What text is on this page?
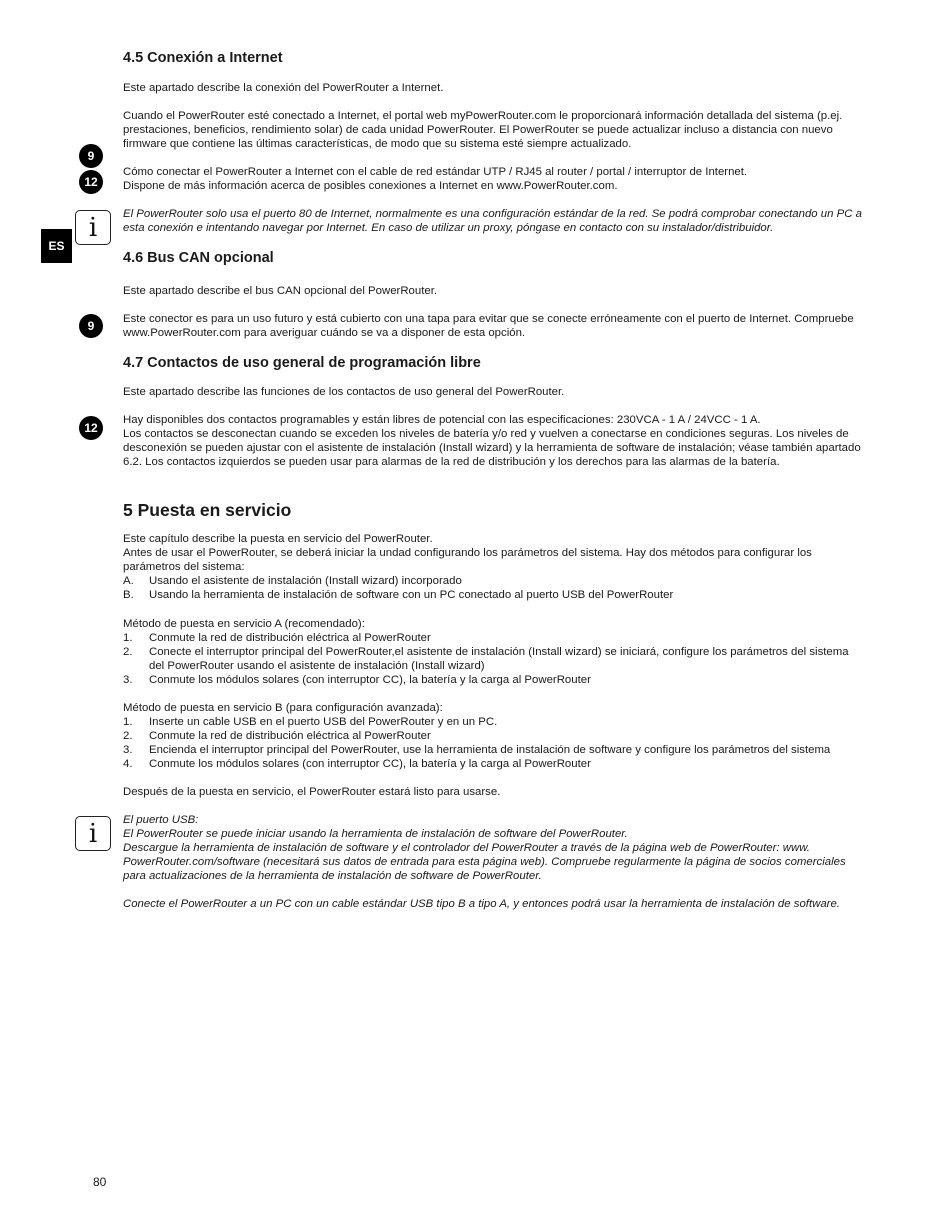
ES
9
12
9
12
i
i
4.5 Conexión a Internet

Este apartado describe la conexión del PowerRouter a Internet.

Cuando el PowerRouter esté conectado a Internet, el portal web myPowerRouter.com le proporcionará información detallada del sistema (p.ej. prestaciones, beneficios, rendimiento solar) de cada unidad PowerRouter. El PowerRouter se puede actualizar incluso a distancia con nuevo firmware que contiene las últimas características, de modo que su sistema esté siempre actualizado.

Cómo conectar el PowerRouter a Internet con el cable de red estándar UTP / RJ45 al router / portal / interruptor de Internet.

Dispone de más información acerca de posibles conexiones a Internet en www.PowerRouter.com.

El PowerRouter solo usa el puerto 80 de Internet, normalmente es una configuración estándar de la red. Se podrá comprobar conectando un PC a esta conexión e intentando navegar por Internet. En caso de utilizar un proxy, póngase en contacto con su instalador/distribuidor.

4.6 Bus CAN opcional

Este apartado describe el bus CAN opcional del PowerRouter.

Este conector es para un uso futuro y está cubierto con una tapa para evitar que se conecte erróneamente con el puerto de Internet. Compruebe www.PowerRouter.com para averiguar cuándo se va a disponer de esta opción.

4.7 Contactos de uso general de programación libre

Este apartado describe las funciones de los contactos de uso general del PowerRouter.

Hay disponibles dos contactos programables y están libres de potencial con las especificaciones: 230VCA - 1 A / 24VCC - 1 A.

Los contactos se desconectan cuando se exceden los niveles de batería y/o red y vuelven a conectarse en condiciones seguras. Los niveles de desconexión se pueden ajustar con el asistente de instalación (Install wizard) y la herramienta de software de instalación; véase también apartado 6.2. Los contactos izquierdos se pueden usar para alarmas de la red de distribución y los derechos para las alarmas de la batería.

5 Puesta en servicio

Este capítulo describe la puesta en servicio del PowerRouter.

Antes de usar el PowerRouter, se deberá iniciar la undad configurando los parámetros del sistema. Hay dos métodos para configurar los parámetros del sistema:

A. Usando el asistente de instalación (Install wizard) incorporado
B. Usando la herramienta de instalación de software con un PC conectado al puerto USB del PowerRouter

Método de puesta en servicio A (recomendado):

1. Conmute la red de distribución eléctrica al PowerRouter
2. Conecte el interruptor principal del PowerRouter,el asistente de instalación (Install wizard) se iniciará, configure los parámetros del sistema del PowerRouter usando el asistente de instalación (Install wizard)
3. Conmute los módulos solares (con interruptor CC), la batería y la carga al PowerRouter

Método de puesta en servicio B (para configuración avanzada):

1. Inserte un cable USB en el puerto USB del PowerRouter y en un PC.
2. Conmute la red de distribución eléctrica al PowerRouter
3. Encienda el interruptor principal del PowerRouter, use la herramienta de instalación de software y configure los parámetros del sistema
4. Conmute los módulos solares (con interruptor CC), la batería y la carga al PowerRouter

Después de la puesta en servicio, el PowerRouter estará listo para usarse.

El puerto USB:

El PowerRouter se puede iniciar usando la herramienta de instalación de software del PowerRouter.

Descargue la herramienta de instalación de software y el controlador del PowerRouter a través de la página web de PowerRouter: www. PowerRouter.com/software (necesitará sus datos de entrada para esta página web). Compruebe regularmente la página de socios comerciales para actualizaciones de la herramienta de instalación de software de PowerRouter.

Conecte el PowerRouter a un PC con un cable estándar USB tipo B a tipo A, y entonces podrá usar la herramienta de instalación de software.

80
